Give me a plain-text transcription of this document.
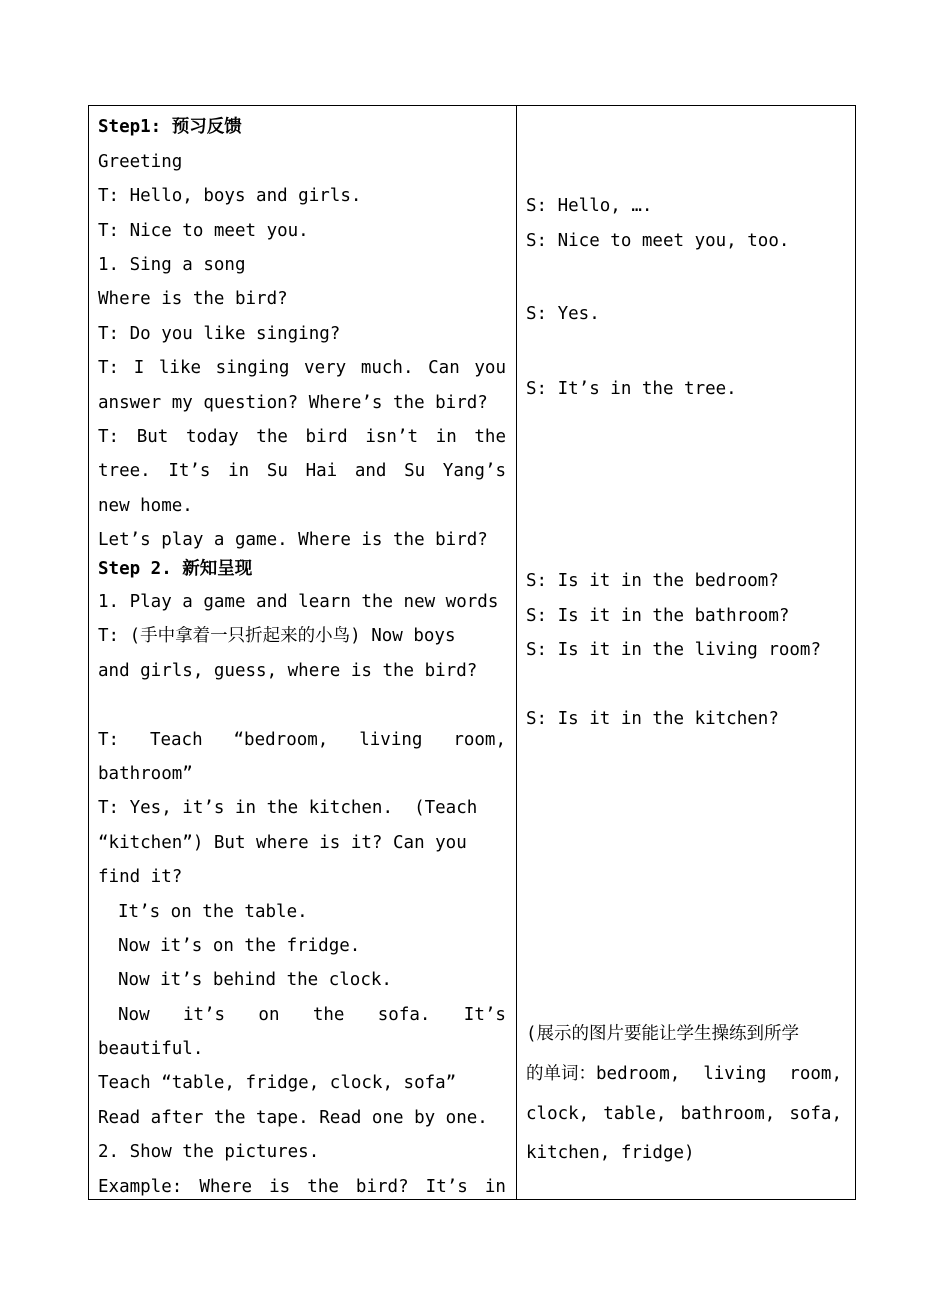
Step1: 预习反馈
Greeting
T: Hello, boys and girls.
T: Nice to meet you.
1. Sing a song
Where is the bird?
T: Do you like singing?
T: I like singing very much. Can you
answer my question? Where’s the bird?
T: But today the bird isn’t in the
tree. It’s in Su Hai and Su Yang’s
new home.
Let’s play a game. Where is the bird?
Step 2. 新知呈现
1. Play a game and learn the new words
T: (手中拿着一只折起来的小鸟) Now boys
and girls, guess, where is the bird?
T: Teach “bedroom, living room,
bathroom”
T: Yes, it’s in the kitchen.  (Teach
“kitchen”) But where is it? Can you
find it?
It’s on the table.
Now it’s on the fridge.
Now it’s behind the clock.
Now it’s on the sofa. It’s
beautiful.
Teach “table, fridge, clock, sofa”
Read after the tape. Read one by one.
2. Show the pictures.
Example: Where is the bird? It’s in
S: Hello, ….
S: Nice to meet you, too.
S: Yes.
S: It’s in the tree.
S: Is it in the bedroom?
S: Is it in the bathroom?
S: Is it in the living room?
S: Is it in the kitchen?
(展示的图片要能让学生操练到所学
的单词：bedroom, living room,
clock, table, bathroom, sofa,
kitchen, fridge)
